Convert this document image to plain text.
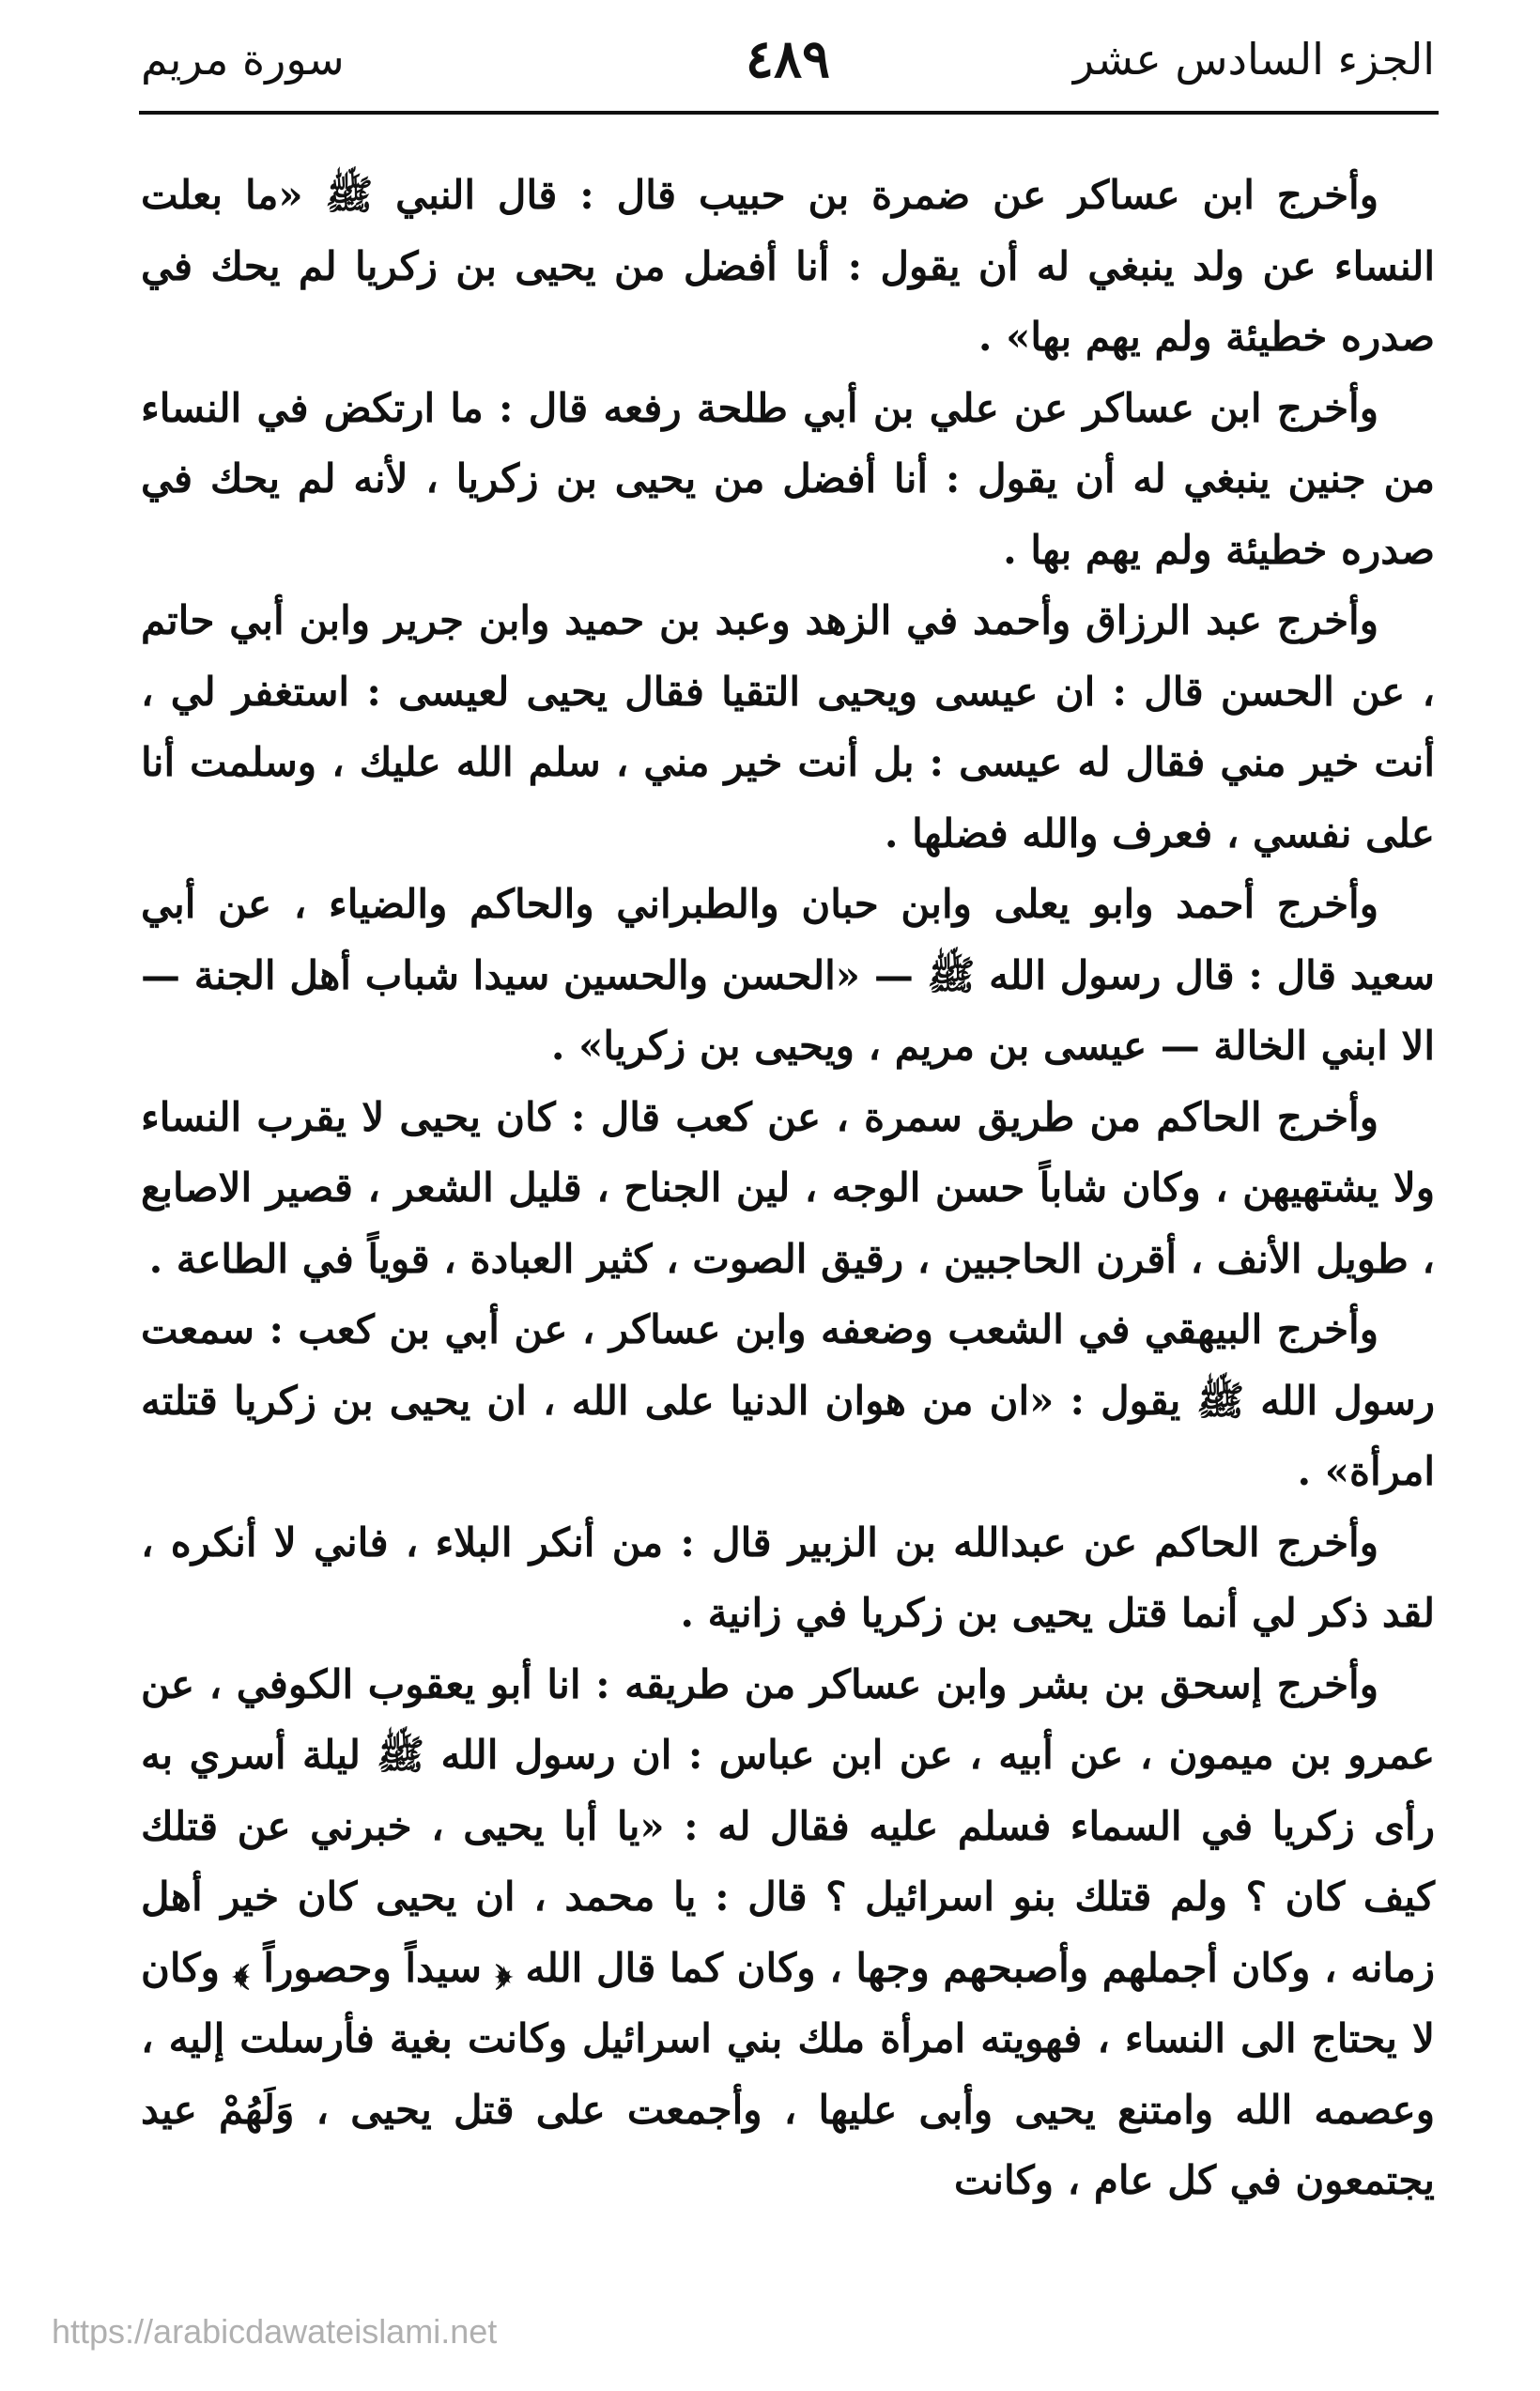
الجزء السادس عشر
٤٨٩
سورة مريم

وأخرج ابن عساكر عن ضمرة بن حبيب قال : قال النبي ﷺ «ما بعلت النساء عن ولد ينبغي له أن يقول : أنا أفضل من يحيى بن زكريا لم يحك في صدره خطيئة ولم يهم بها» .

وأخرج ابن عساكر عن علي بن أبي طلحة رفعه قال : ما ارتكض في النساء من جنين ينبغي له أن يقول : أنا أفضل من يحيى بن زكريا ، لأنه لم يحك في صدره خطيئة ولم يهم بها .

وأخرج عبد الرزاق وأحمد في الزهد وعبد بن حميد وابن جرير وابن أبي حاتم ، عن الحسن قال : ان عيسى ويحيى التقيا فقال يحيى لعيسى : استغفر لي ، أنت خير مني فقال له عيسى : بل أنت خير مني ، سلم الله عليك ، وسلمت أنا على نفسي ، فعرف والله فضلها .

وأخرج أحمد وابو يعلى وابن حبان والطبراني والحاكم والضياء ، عن أبي سعيد قال : قال رسول الله ﷺ — «الحسن والحسين سيدا شباب أهل الجنة — الا ابني الخالة — عيسى بن مريم ، ويحيى بن زكريا» .

وأخرج الحاكم من طريق سمرة ، عن كعب قال : كان يحيى لا يقرب النساء ولا يشتهيهن ، وكان شاباً حسن الوجه ، لين الجناح ، قليل الشعر ، قصير الاصابع ، طويل الأنف ، أقرن الحاجبين ، رقيق الصوت ، كثير العبادة ، قوياً في الطاعة .

وأخرج البيهقي في الشعب وضعفه وابن عساكر ، عن أبي بن كعب : سمعت رسول الله ﷺ يقول : «ان من هوان الدنيا على الله ، ان يحيى بن زكريا قتلته امرأة» .

وأخرج الحاكم عن عبدالله بن الزبير قال : من أنكر البلاء ، فاني لا أنكره ، لقد ذكر لي أنما قتل يحيى بن زكريا في زانية .

وأخرج إسحق بن بشر وابن عساكر من طريقه : انا أبو يعقوب الكوفي ، عن عمرو بن ميمون ، عن أبيه ، عن ابن عباس : ان رسول الله ﷺ ليلة أسري به رأى زكريا في السماء فسلم عليه فقال له : «يا أبا يحيى ، خبرني عن قتلك كيف كان ؟ ولم قتلك بنو اسرائيل ؟ قال : يا محمد ، ان يحيى كان خير أهل زمانه ، وكان أجملهم وأصبحهم وجها ، وكان كما قال الله ﴿ سيداً وحصوراً ﴾ وكان لا يحتاج الى النساء ، فهويته امرأة ملك بني اسرائيل وكانت بغية فأرسلت إليه ، وعصمه الله وامتنع يحيى وأبى عليها ، وأجمعت على قتل يحيى ، وَلَهُمْ عيد يجتمعون في كل عام ، وكانت

https://arabicdawateislami.net
